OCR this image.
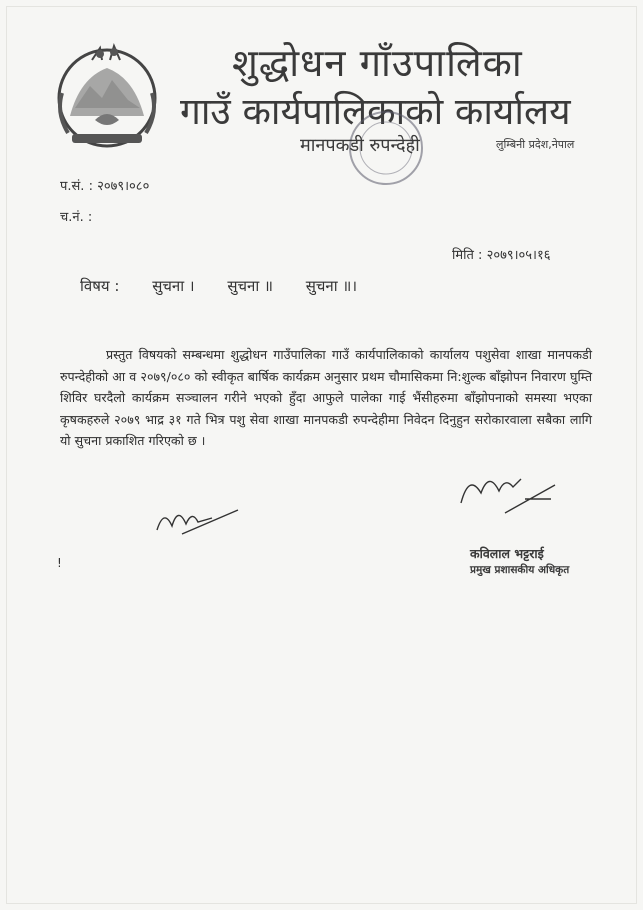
शुद्धोधन गाँउपालिका
गाउँ कार्यपालिकाको कार्यालय
मानपकडी रुपन्देही	लुम्बिनी प्रदेश,नेपाल
प.सं. : २०७९।०८०
च.नं. :
मिति : २०७९।०५।१६
विषय : सुचना । सुचना ॥ सुचना ॥।
प्रस्तुत विषयको सम्बन्धमा शुद्धोधन गाउँपालिका गाउँ कार्यपालिकाको कार्यालय पशुसेवा शाखा मानपकडी रुपन्देहीको आ व २०७९/०८० को स्वीकृत बार्षिक कार्यक्रम अनुसार प्रथम चौमासिकमा नि:शुल्क बाँझोपन निवारण घुम्ति शिविर घरदैलो कार्यक्रम सञ्चालन गरीने भएको हुँदा आफुले पालेका गाई भैंसीहरुमा बाँझोपनाको समस्या भएका कृषकहरुले २०७९ भाद्र ३१ गते भित्र पशु सेवा शाखा मानपकडी रुपन्देहीमा निवेदन दिनुहुन सरोकारवाला सबैका लागि यो सुचना प्रकाशित गरिएको छ ।
कविलाल भट्टराई
प्रमुख प्रशासकीय अधिकृत
!
